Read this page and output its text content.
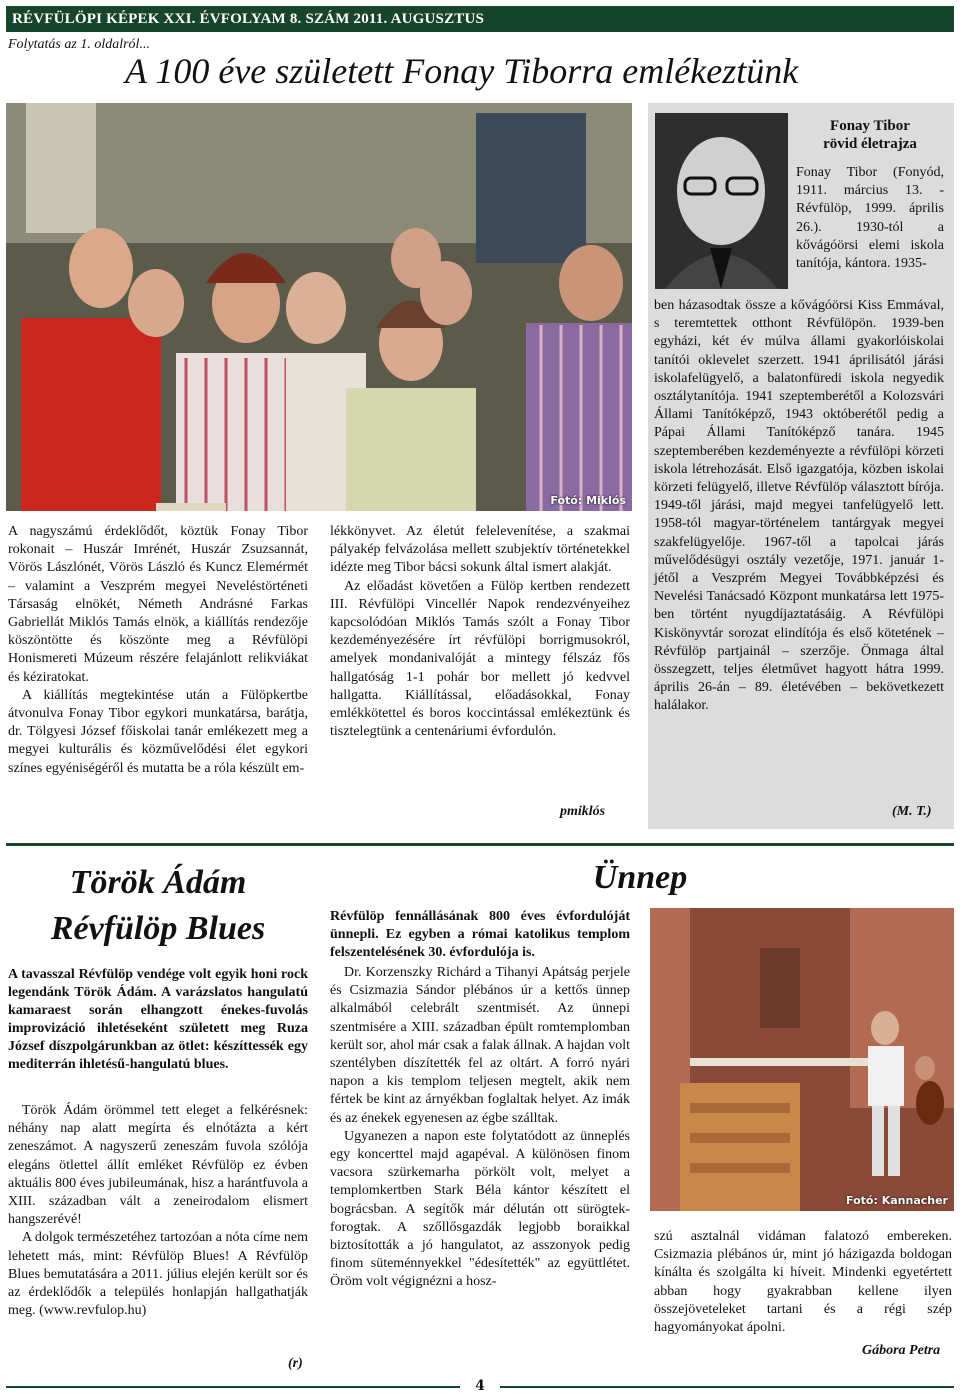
RÉVFÜLÖPI KÉPEK XXI. ÉVFOLYAM 8. SZÁM 2011. AUGUSZTUS
Folytatás az 1. oldalról...
A 100 éve született Fonay Tiborra emlékeztünk
Fotó: Miklós

A nagyszámú érdeklődőt, köztük Fonay Tibor rokonait – Huszár Imrénét, Huszár Zsuzsannát, Vörös Lászlónét, Vörös László és Kuncz Elemérmét – valamint a Veszprém megyei Neveléstörténeti Társaság elnökét, Németh Andrásné Farkas Gabriellát Miklós Tamás elnök, a kiállítás rendezője köszöntötte és köszönte meg a Révfülöpi Honismereti Múzeum részére felajánlott relikviákat és kéziratokat.

A kiállítás megtekintése után a Fülöpkertbe átvonulva Fonay Tibor egykori munkatársa, barátja, dr. Tölgyesi József főiskolai tanár emlékezett meg a megyei kulturális és közművelődési élet egykori színes egyéniségéről és mutatta be a róla készült em-

lékkönyvet. Az életút felelevenítése, a szakmai pályakép felvázolása mellett szubjektív történetekkel idézte meg Tibor bácsi sokunk által ismert alakját.

Az előadást követően a Fülöp kertben rendezett III. Révfülöpi Vincellér Napok rendezvényeihez kapcsolódóan Miklós Tamás szólt a Fonay Tibor kezdeményezésére írt révfülöpi borrigmusokról, amelyek mondanivalóját a mintegy félszáz fős hallgatóság 1-1 pohár bor mellett jó kedvvel hallgatta. Kiállítással, előadásokkal, Fonay emlékkötettel és boros koccintással emlékeztünk és tisztelegtünk a centenáriumi évfordulón.

pmiklós
Fonay Tibor
rövid életrajza

Fonay Tibor (Fonyód, 1911. március 13. - Révfülöp, 1999. április 26.). 1930-tól a kővágóörsi elemi iskola tanítója, kántora. 1935-

ben házasodtak össze a kővágóörsi Kiss Emmával, s teremtettek otthont Révfülöpön. 1939-ben egyházi, két év múlva állami gyakorlóiskolai tanítói oklevelet szerzett. 1941 áprilisától járási iskolafelügyelő, a balatonfüredi iskola negyedik osztálytanítója. 1941 szeptemberétől a Kolozsvári Állami Tanítóképző, 1943 októberétől pedig a Pápai Állami Tanítóképző tanára. 1945 szeptemberében kezdeményezte a révfülöpi körzeti iskola létrehozását. Első igazgatója, közben iskolai körzeti felügyelő, illetve Révfülöp választott bírója. 1949-től járási, majd megyei tanfelügyelő lett. 1958-tól magyar-történelem tantárgyak megyei szakfelügyelője. 1967-től a tapolcai járás művelődésügyi osztály vezetője, 1971. január 1-jétől a Veszprém Megyei Továbbképzési és Nevelési Tanácsadó Központ munkatársa lett 1975-ben történt nyugdíjaztatásáig. A Révfülöpi Kiskönyvtár sorozat elindítója és első kötetének – Révfülöp partjainál – szerzője. Önmaga által összegzett, teljes életművet hagyott hátra 1999. április 26-án – 89. életévében – bekövetkezett halálakor.

(M. T.)
Török Ádám
Révfülöp Blues
A tavasszal Révfülöp vendége volt egyik honi rock legendánk Török Ádám. A varázslatos hangulatú kamaraest során elhangzott énekes-fuvolás improvizáció ihletéseként született meg Ruza József díszpolgárunkban az ötlet: készíttessék egy mediterrán ihletésű-hangulatú blues.

Török Ádám örömmel tett eleget a felkérésnek: néhány nap alatt megírta és elnótázta a kért zeneszámot. A nagyszerű zeneszám fuvola szólója elegáns ötlettel állít emléket Révfülöp ez évben aktuális 800 éves jubileumának, hisz a harántfuvola a XIII. században vált a zeneirodalom elismert hangszerévé!

A dolgok természetéhez tartozóan a nóta címe nem lehetett más, mint: Révfülöp Blues! A Révfülöp Blues bemutatására a 2011. július elején került sor és az érdeklődők a település honlapján hallgathatják meg. (www.revfulop.hu)

(r)
Ünnep
Révfülöp fennállásának 800 éves évfordulóját ünnepli. Ez egyben a római katolikus templom felszentelésének 30. évfordulója is.

Dr. Korzenszky Richárd a Tihanyi Apátság perjele és Csizmazia Sándor plébános úr a kettős ünnep alkalmából celebrált szentmisét. Az ünnepi szentmisére a XIII. században épült romtemplomban került sor, ahol már csak a falak állnak. A hajdan volt szentélyben díszítették fel az oltárt. A forró nyári napon a kis templom teljesen megtelt, akik nem fértek be kint az árnyékban foglaltak helyet. Az imák és az énekek egyenesen az égbe szálltak.

Ugyanezen a napon este folytatódott az ünneplés egy koncerttel majd agapéval. A különösen finom vacsora szürkemarha pörkölt volt, melyet a templomkertben Stark Béla kántor készített el bográcsban. A segítők már délután ott sürögtek-forogtak. A szőllősgazdák legjobb boraikkal biztosították a jó hangulatot, az asszonyok pedig finom süteménnyekkel "édesítették" az együttlétet. Öröm volt végignézni a hosz-

Fotó: Kannacher

szú asztalnál vidáman falatozó embereken. Csizmazia plébános úr, mint jó házigazda boldogan kínálta és szolgálta ki híveit. Mindenki egyetértett abban hogy gyakrabban kellene ilyen összejöveteleket tartani és a régi szép hagyományokat ápolni.

Gábora Petra
4
